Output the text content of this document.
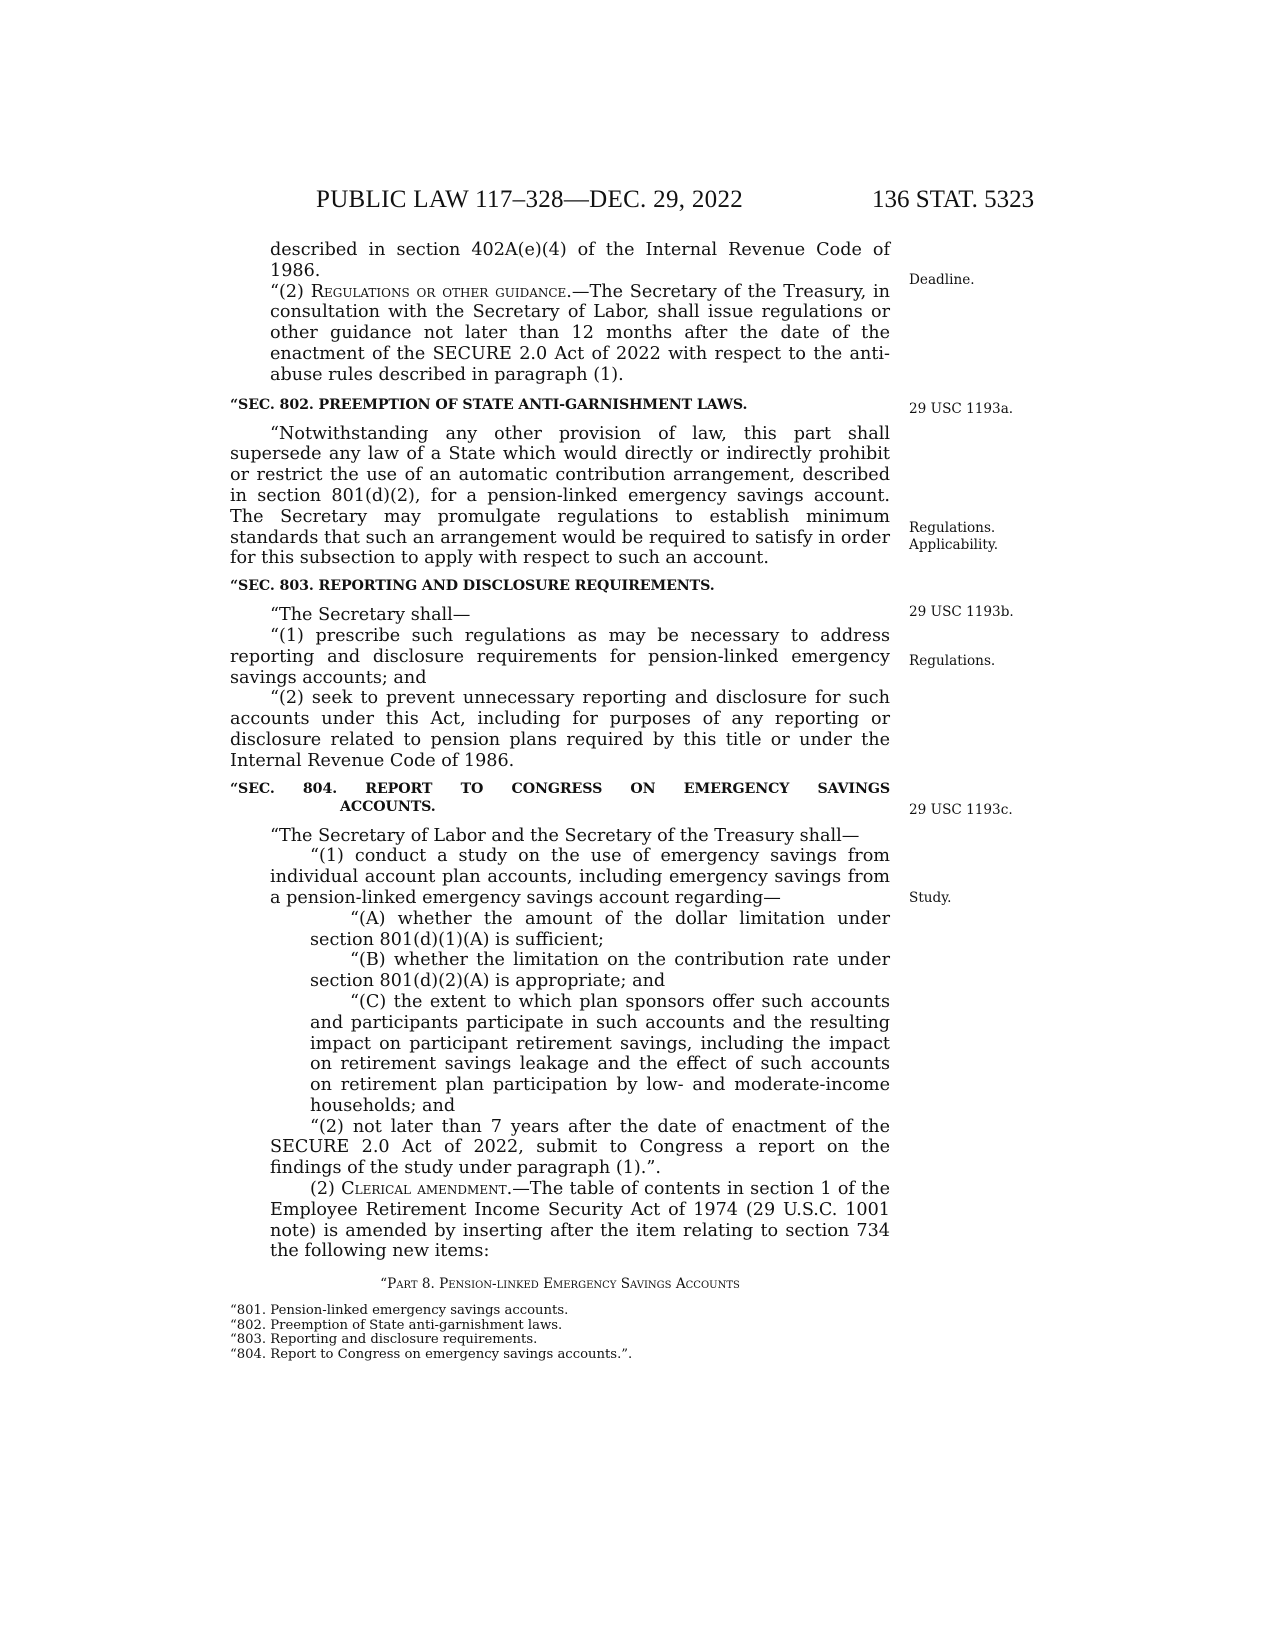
PUBLIC LAW 117–328—DEC. 29, 2022	136 STAT. 5323

described in section 402A(e)(4) of the Internal Revenue Code of 1986.

“(2) Regulations or other guidance.—The Secretary of the Treasury, in consultation with the Secretary of Labor, shall issue regulations or other guidance not later than 12 months after the date of the enactment of the SECURE 2.0 Act of 2022 with respect to the anti-abuse rules described in paragraph (1).

“SEC. 802. PREEMPTION OF STATE ANTI-GARNISHMENT LAWS.

“Notwithstanding any other provision of law, this part shall supersede any law of a State which would directly or indirectly prohibit or restrict the use of an automatic contribution arrangement, described in section 801(d)(2), for a pension-linked emergency savings account. The Secretary may promulgate regulations to establish minimum standards that such an arrangement would be required to satisfy in order for this subsection to apply with respect to such an account.

“SEC. 803. REPORTING AND DISCLOSURE REQUIREMENTS.

“The Secretary shall—

“(1) prescribe such regulations as may be necessary to address reporting and disclosure requirements for pension-linked emergency savings accounts; and

“(2) seek to prevent unnecessary reporting and disclosure for such accounts under this Act, including for purposes of any reporting or disclosure related to pension plans required by this title or under the Internal Revenue Code of 1986.

“SEC. 804. REPORT TO CONGRESS ON EMERGENCY SAVINGS
ACCOUNTS.

“The Secretary of Labor and the Secretary of the Treasury shall—

“(1) conduct a study on the use of emergency savings from individual account plan accounts, including emergency savings from a pension-linked emergency savings account regarding—

“(A) whether the amount of the dollar limitation under section 801(d)(1)(A) is sufficient;

“(B) whether the limitation on the contribution rate under section 801(d)(2)(A) is appropriate; and

“(C) the extent to which plan sponsors offer such accounts and participants participate in such accounts and the resulting impact on participant retirement savings, including the impact on retirement savings leakage and the effect of such accounts on retirement plan participation by low- and moderate-income households; and

“(2) not later than 7 years after the date of enactment of the SECURE 2.0 Act of 2022, submit to Congress a report on the findings of the study under paragraph (1).”.

(2) Clerical amendment.—The table of contents in section 1 of the Employee Retirement Income Security Act of 1974 (29 U.S.C. 1001 note) is amended by inserting after the item relating to section 734 the following new items:

“Part 8. Pension-linked Emergency Savings Accounts
“801. Pension-linked emergency savings accounts.
“802. Preemption of State anti-garnishment laws.
“803. Reporting and disclosure requirements.
“804. Report to Congress on emergency savings accounts.”.
Deadline.
29 USC 1193a.
Regulations.
Applicability.
29 USC 1193b.
Regulations.
29 USC 1193c.
Study.
